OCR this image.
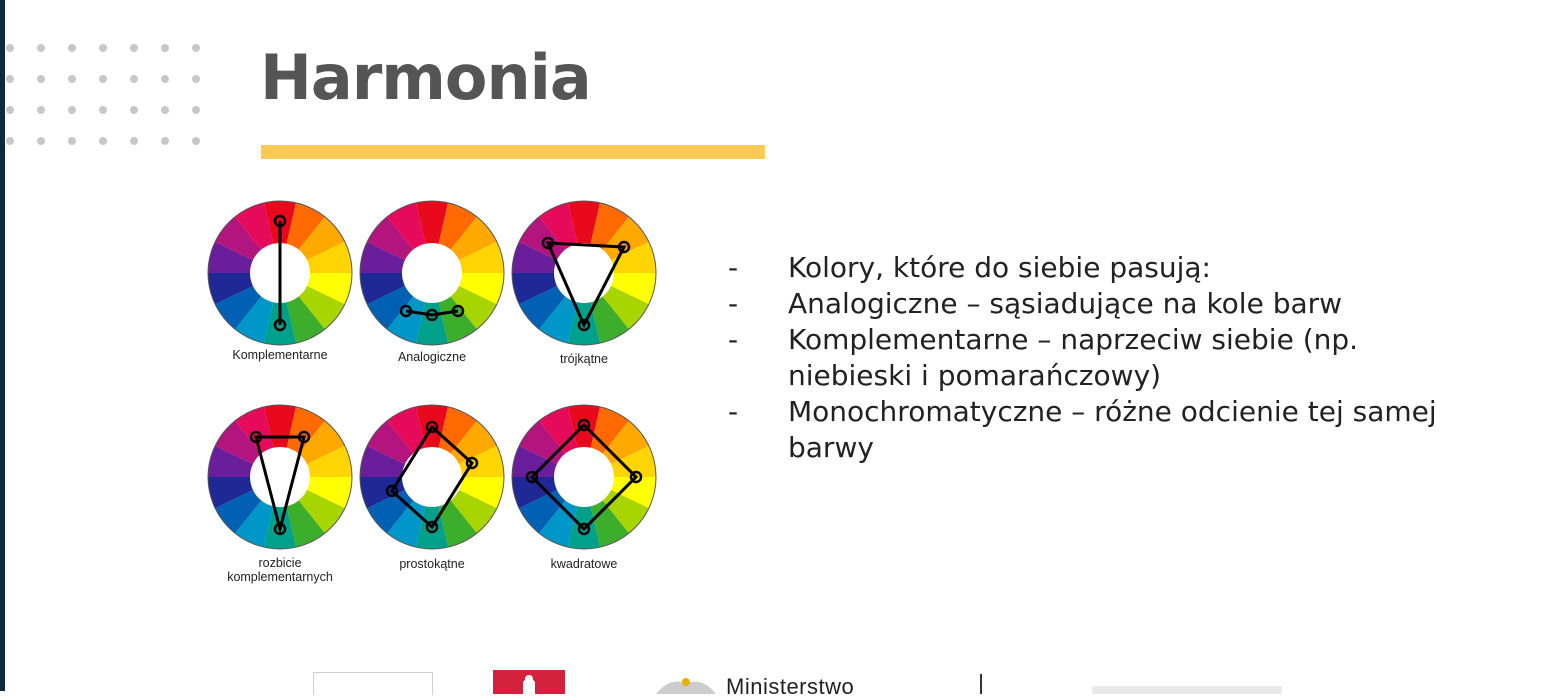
Harmonia
Komplementarne	Analogiczne	trójkątne
rozbicie komplementarnych
prostokątne	kwadratowe
- Kolory, które do siebie pasują:
- Analogiczne – sąsiadujące na kole barw
- Komplementarne – naprzeciw siebie (np. niebieski i pomarańczowy)
- Monochromatyczne – różne odcienie tej samej barwy
Ministerstwo
